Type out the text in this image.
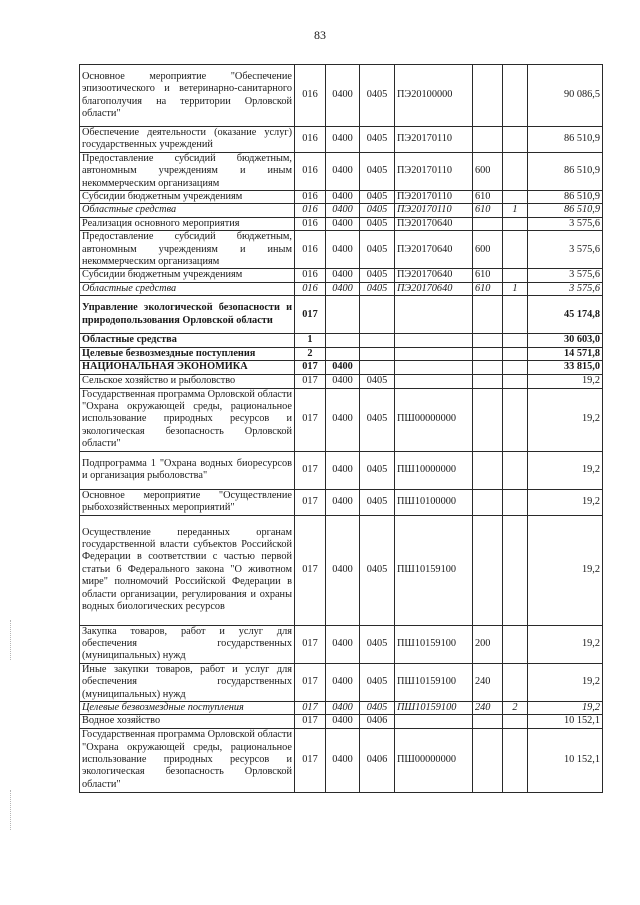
83
Основное мероприятие "Обеспечение эпизоотического и ветеринарно-санитарного благополучия на территории Орловской области"	016	0400	0405	ПЭ20100000			90 086,5
Обеспечение деятельности (оказание услуг) государственных учреждений	016	0400	0405	ПЭ20170110			86 510,9
Предоставление субсидий бюджетным, автономным учреждениям и иным некоммерческим организациям	016	0400	0405	ПЭ20170110	600		86 510,9
Субсидии бюджетным учреждениям	016	0400	0405	ПЭ20170110	610		86 510,9
Областные средства	016	0400	0405	ПЭ20170110	610	1	86 510,9
Реализация основного мероприятия	016	0400	0405	ПЭ20170640			3 575,6
Предоставление субсидий бюджетным, автономным учреждениям и иным некоммерческим организациям	016	0400	0405	ПЭ20170640	600		3 575,6
Субсидии бюджетным учреждениям	016	0400	0405	ПЭ20170640	610		3 575,6
Областные средства	016	0400	0405	ПЭ20170640	610	1	3 575,6
Управление экологической безопасности и природопользования Орловской области	017						45 174,8
Областные средства	1						30 603,0
Целевые безвозмездные поступления	2						14 571,8
НАЦИОНАЛЬНАЯ ЭКОНОМИКА	017	0400					33 815,0
Сельское хозяйство и рыболовство	017	0400	0405				19,2
Государственная программа Орловской области "Охрана окружающей среды, рациональное использование природных ресурсов и экологическая безопасность Орловской области"	017	0400	0405	ПШ00000000			19,2
Подпрограмма 1 "Охрана водных биоресурсов и организация рыболовства"	017	0400	0405	ПШ10000000			19,2
Основное мероприятие "Осуществление рыбохозяйственных мероприятий"	017	0400	0405	ПШ10100000			19,2
Осуществление переданных органам государственной власти субъектов Российской Федерации в соответствии с частью первой статьи 6 Федерального закона "О животном мире" полномочий Российской Федерации в области организации, регулирования и охраны водных биологических ресурсов	017	0400	0405	ПШ10159100			19,2
Закупка товаров, работ и услуг для обеспечения государственных (муниципальных) нужд	017	0400	0405	ПШ10159100	200		19,2
Иные закупки товаров, работ и услуг для обеспечения государственных (муниципальных) нужд	017	0400	0405	ПШ10159100	240		19,2
Целевые безвозмездные поступления	017	0400	0405	ПШ10159100	240	2	19,2
Водное хозяйство	017	0400	0406				10 152,1
Государственная программа Орловской области "Охрана окружающей среды, рациональное использование природных ресурсов и экологическая безопасность Орловской области"	017	0400	0406	ПШ00000000			10 152,1
